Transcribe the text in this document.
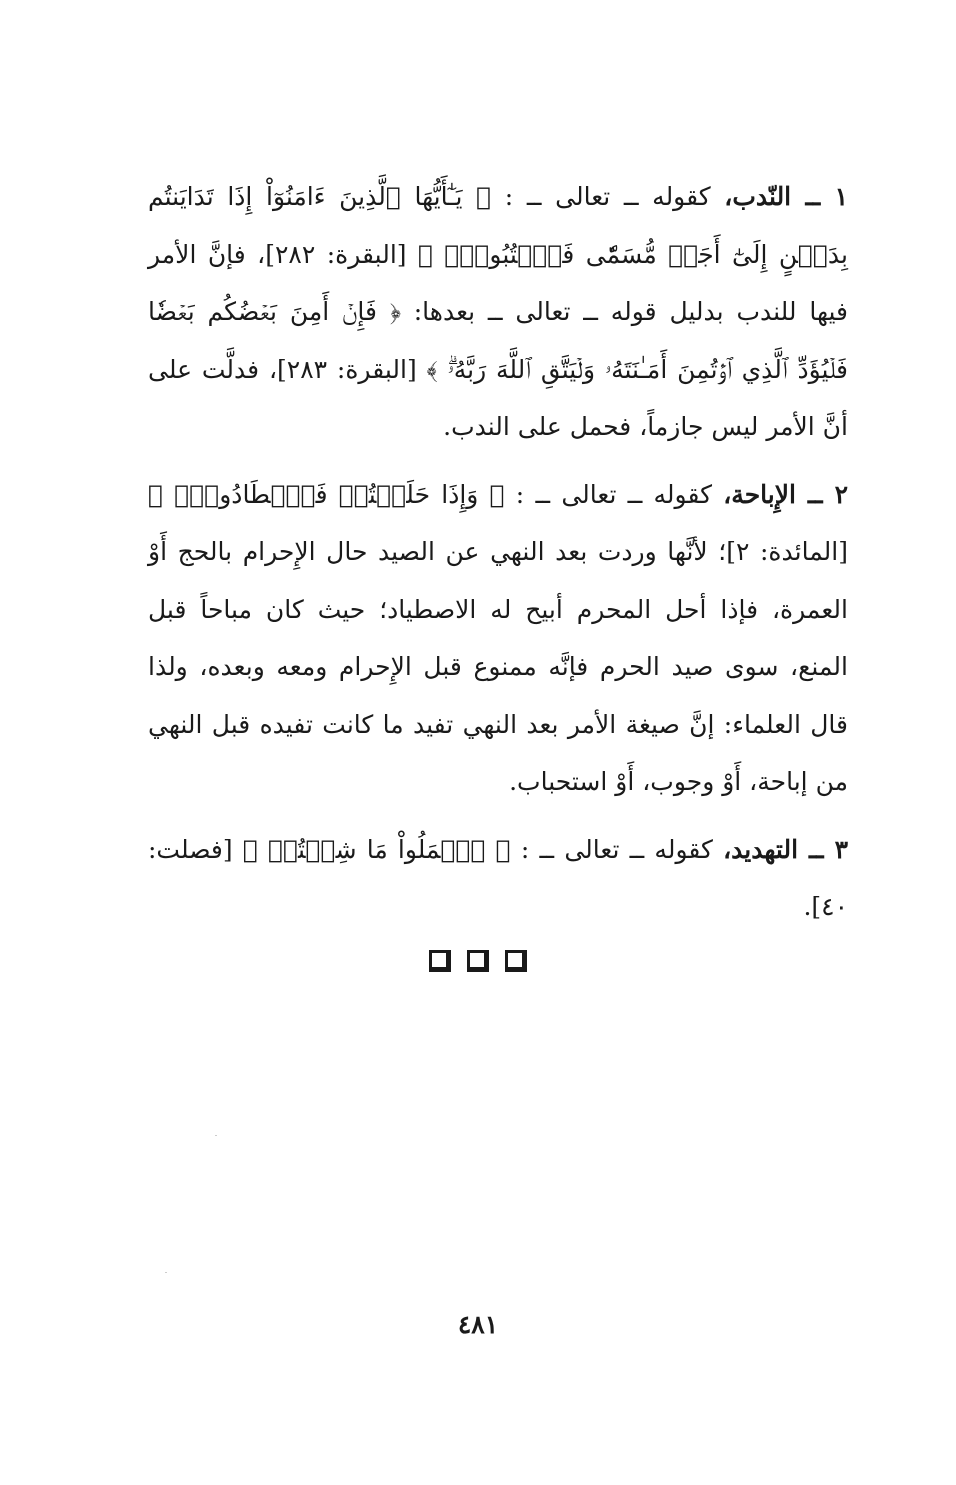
١ ــ النّدب، كقوله ــ تعالى ــ : ﴿ يَـٰٓأَيُّهَا ٱلَّذِينَ ءَامَنُوٓاْ إِذَا تَدَايَنتُم بِدَيۡنٍ إِلَىٰٓ أَجَلٖ مُّسَمّٗى فَٱكۡتُبُوهُۚ ﴾ [البقرة: ٢٨٢]، فإنَّ الأمر فيها للندب بدليل قوله ــ تعالى ــ بعدها: ﴿ فَإِنۡ أَمِنَ بَعۡضُكُم بَعۡضٗا فَلۡيُؤَدِّ ٱلَّذِي ٱؤۡتُمِنَ أَمَـٰنَتَهُۥ وَلۡيَتَّقِ ٱللَّهَ رَبَّهُۥۗ ﴾ [البقرة: ٢٨٣]، فدلَّت على أنَّ الأمر ليس جازماً، فحمل على الندب.

٢ ــ الإِباحة، كقوله ــ تعالى ــ : ﴿ وَإِذَا حَلَلۡتُمۡ فَٱصۡطَادُواْۚ ﴾ [المائدة: ٢]؛ لأنَّها وردت بعد النهي عن الصيد حال الإِحرام بالحج أَوْ العمرة، فإذا أحل المحرم أبيح له الاصطياد؛ حيث كان مباحاً قبل المنع، سوى صيد الحرم فإنَّه ممنوع قبل الإِحرام ومعه وبعده، ولذا قال العلماء: إنَّ صيغة الأمر بعد النهي تفيد ما كانت تفيده قبل النهي من إباحة، أَوْ وجوب، أَوْ استحباب.

٣ ــ التهديد، كقوله ــ تعالى ــ : ﴿ ٱعۡمَلُواْ مَا شِئۡتُمۡ ﴾ [فصلت: ٤٠].

٤٨١
